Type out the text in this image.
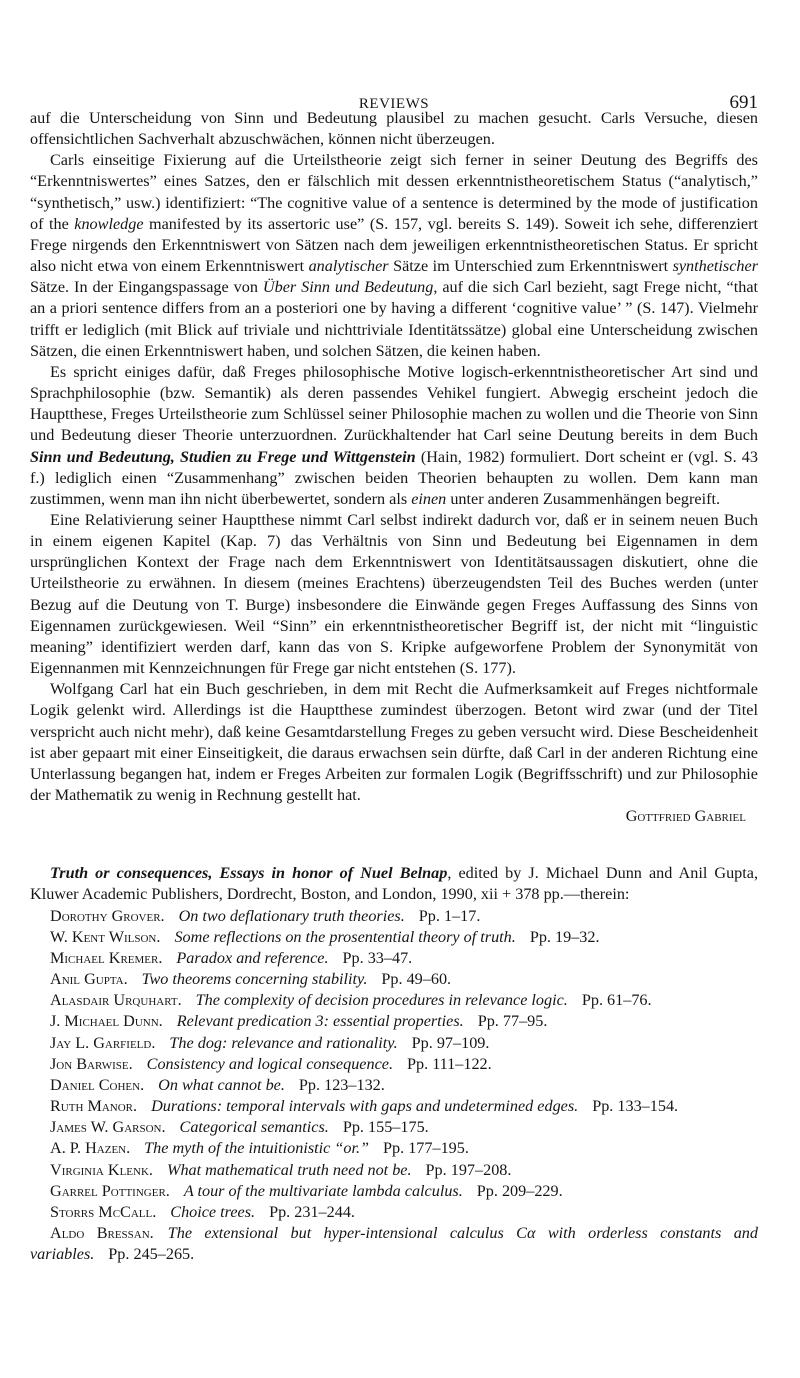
REVIEWS	691

auf die Unterscheidung von Sinn und Bedeutung plausibel zu machen gesucht. Carls Versuche, diesen offensichtlichen Sachverhalt abzuschwächen, können nicht überzeugen.

Carls einseitige Fixierung auf die Urteilstheorie zeigt sich ferner in seiner Deutung des Begriffs des “Erkenntniswertes” eines Satzes, den er fälschlich mit dessen erkenntnistheoretischem Status (“analytisch,” “synthetisch,” usw.) identifiziert: “The cognitive value of a sentence is determined by the mode of justification of the knowledge manifested by its assertoric use” (S. 157, vgl. bereits S. 149). Soweit ich sehe, differenziert Frege nirgends den Erkenntniswert von Sätzen nach dem jeweiligen erkenntnistheoretischen Status. Er spricht also nicht etwa von einem Erkenntniswert analytischer Sätze im Unterschied zum Erkenntniswert synthetischer Sätze. In der Eingangspassage von Über Sinn und Bedeutung, auf die sich Carl bezieht, sagt Frege nicht, “that an a priori sentence differs from an a posteriori one by having a different ‘cognitive value’ ” (S. 147). Vielmehr trifft er lediglich (mit Blick auf triviale und nichttriviale Identitätssätze) global eine Unterscheidung zwischen Sätzen, die einen Erkenntniswert haben, und solchen Sätzen, die keinen haben.

Es spricht einiges dafür, daß Freges philosophische Motive logisch-erkenntnistheoretischer Art sind und Sprachphilosophie (bzw. Semantik) als deren passendes Vehikel fungiert. Abwegig erscheint jedoch die Hauptthese, Freges Urteilstheorie zum Schlüssel seiner Philosophie machen zu wollen und die Theorie von Sinn und Bedeutung dieser Theorie unterzuordnen. Zurückhaltender hat Carl seine Deutung bereits in dem Buch Sinn und Bedeutung, Studien zu Frege und Wittgenstein (Hain, 1982) formuliert. Dort scheint er (vgl. S. 43 f.) lediglich einen “Zusammenhang” zwischen beiden Theorien behaupten zu wollen. Dem kann man zustimmen, wenn man ihn nicht überbewertet, sondern als einen unter anderen Zusammenhängen begreift.

Eine Relativierung seiner Hauptthese nimmt Carl selbst indirekt dadurch vor, daß er in seinem neuen Buch in einem eigenen Kapitel (Kap. 7) das Verhältnis von Sinn und Bedeutung bei Eigennamen in dem ursprünglichen Kontext der Frage nach dem Erkenntniswert von Identitätsaussagen diskutiert, ohne die Urteilstheorie zu erwähnen. In diesem (meines Erachtens) überzeugendsten Teil des Buches werden (unter Bezug auf die Deutung von T. Burge) insbesondere die Einwände gegen Freges Auffassung des Sinns von Eigennamen zurückgewiesen. Weil “Sinn” ein erkenntnistheoretischer Begriff ist, der nicht mit “linguistic meaning” identifiziert werden darf, kann das von S. Kripke aufgeworfene Problem der Synonymität von Eigennanmen mit Kennzeichnungen für Frege gar nicht entstehen (S. 177).

Wolfgang Carl hat ein Buch geschrieben, in dem mit Recht die Aufmerksamkeit auf Freges nichtformale Logik gelenkt wird. Allerdings ist die Hauptthese zumindest überzogen. Betont wird zwar (und der Titel verspricht auch nicht mehr), daß keine Gesamtdarstellung Freges zu geben versucht wird. Diese Bescheidenheit ist aber gepaart mit einer Einseitigkeit, die daraus erwachsen sein dürfte, daß Carl in der anderen Richtung eine Unterlassung begangen hat, indem er Freges Arbeiten zur formalen Logik (Begriffsschrift) und zur Philosophie der Mathematik zu wenig in Rechnung gestellt hat.

Gottfried Gabriel

Truth or consequences, Essays in honor of Nuel Belnap, edited by J. Michael Dunn and Anil Gupta, Kluwer Academic Publishers, Dordrecht, Boston, and London, 1990, xii + 378 pp.—therein:

Dorothy Grover. On two deflationary truth theories. Pp. 1–17.

W. Kent Wilson. Some reflections on the prosentential theory of truth. Pp. 19–32.

Michael Kremer. Paradox and reference. Pp. 33–47.

Anil Gupta. Two theorems concerning stability. Pp. 49–60.

Alasdair Urquhart. The complexity of decision procedures in relevance logic. Pp. 61–76.

J. Michael Dunn. Relevant predication 3: essential properties. Pp. 77–95.

Jay L. Garfield. The dog: relevance and rationality. Pp. 97–109.

Jon Barwise. Consistency and logical consequence. Pp. 111–122.

Daniel Cohen. On what cannot be. Pp. 123–132.

Ruth Manor. Durations: temporal intervals with gaps and undetermined edges. Pp. 133–154.

James W. Garson. Categorical semantics. Pp. 155–175.

A. P. Hazen. The myth of the intuitionistic “or.” Pp. 177–195.

Virginia Klenk. What mathematical truth need not be. Pp. 197–208.

Garrel Pottinger. A tour of the multivariate lambda calculus. Pp. 209–229.

Storrs McCall. Choice trees. Pp. 231–244.

Aldo Bressan. The extensional but hyper-intensional calculus Cα with orderless constants and variables. Pp. 245–265.
